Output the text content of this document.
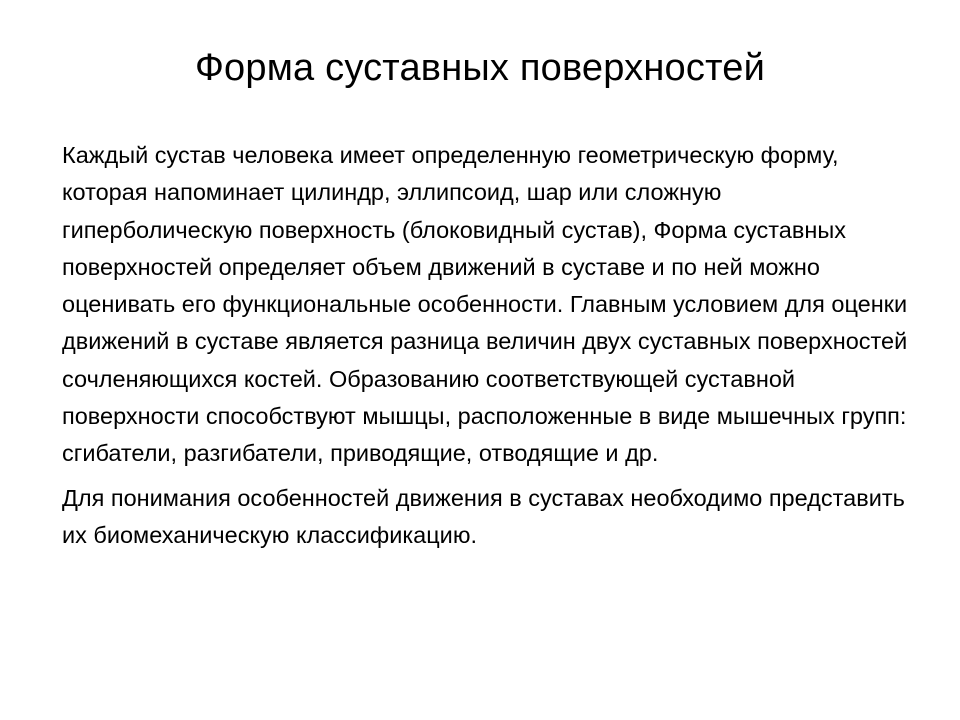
Форма суставных поверхностей

Каждый сустав человека имеет определенную геометрическую форму, которая напоминает цилиндр, эллипсоид, шар или сложную гиперболическую поверхность (блоковидный сустав), Форма суставных поверхностей определяет объем движений в суставе и по ней можно оценивать его функциональные особенности. Главным условием для оценки движений в суставе является разница величин двух суставных поверхностей сочленяющихся костей. Образованию соответствующей суставной поверхности способствуют мышцы, расположенные в виде мышечных групп: сгибатели, разгибатели, приводящие, отводящие и др.

Для понимания особенностей движения в суставах необходимо представить их биомеханическую классификацию.
